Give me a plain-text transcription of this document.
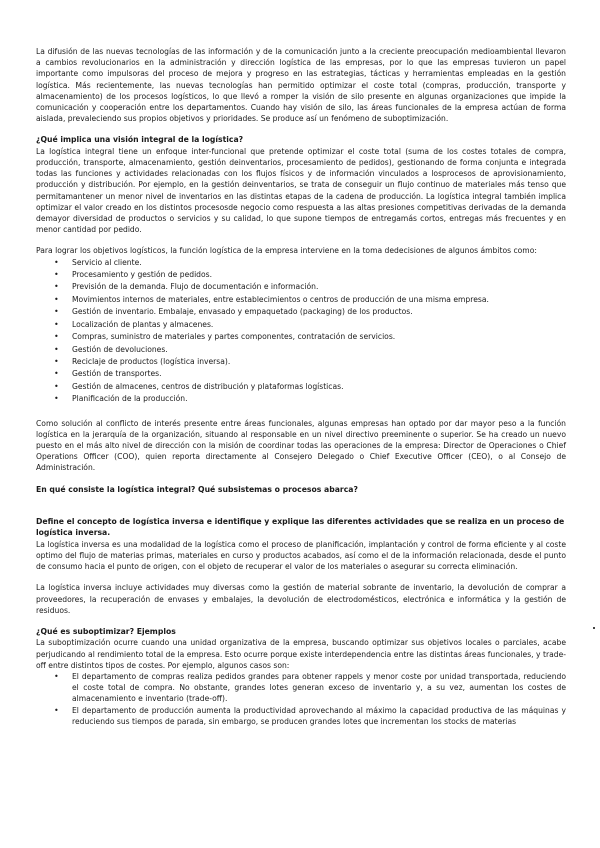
La difusión de las nuevas tecnologías de las información y de la comunicación junto a la creciente preocupación medioambiental llevaron a cambios revolucionarios en la administración y dirección logística de las empresas, por lo que las empresas tuvieron un papel importante como impulsoras del proceso de mejora y progreso en las estrategias, tácticas y herramientas empleadas en la gestión logística. Más recientemente, las nuevas tecnologías han permitido optimizar el coste total (compras, producción, transporte y almacenamiento) de los procesos logísticos, lo que llevó a romper la visión de silo presente en algunas organizaciones que impide la comunicación y cooperación entre los departamentos. Cuando hay visión de silo, las áreas funcionales de la empresa actúan de forma aislada, prevaleciendo sus propios objetivos y prioridades. Se produce así un fenómeno de suboptimización.

¿Qué implica una visión integral de la logística?

La logística integral tiene un enfoque inter-funcional que pretende optimizar el coste total (suma de los costes totales de compra, producción, transporte, almacenamiento, gestión deinventarios, procesamiento de pedidos), gestionando de forma conjunta e integrada todas las funciones y actividades relacionadas con los flujos físicos y de información vinculados a losprocesos de aprovisionamiento, producción y distribución. Por ejemplo, en la gestión deinventarios, se trata de conseguir un flujo continuo de materiales más tenso que permitamantener un menor nivel de inventarios en las distintas etapas de la cadena de producción. La logística integral también implica optimizar el valor creado en los distintos procesosde negocio como respuesta a las altas presiones competitivas derivadas de la demanda demayor diversidad de productos o servicios y su calidad, lo que supone tiempos de entregamás cortos, entregas más frecuentes y en menor cantidad por pedido.

Para lograr los objetivos logísticos, la función logística de la empresa interviene en la toma dedecisiones de algunos ámbitos como:

• Servicio al cliente.
• Procesamiento y gestión de pedidos.
• Previsión de la demanda. Flujo de documentación e información.
• Movimientos internos de materiales, entre establecimientos o centros de producción de una misma empresa.
• Gestión de inventario. Embalaje, envasado y empaquetado (packaging) de los productos.
• Localización de plantas y almacenes.
• Compras, suministro de materiales y partes componentes, contratación de servicios.
• Gestión de devoluciones.
• Reciclaje de productos (logística inversa).
• Gestión de transportes.
• Gestión de almacenes, centros de distribución y plataformas logísticas.
• Planificación de la producción.

Como solución al conflicto de interés presente entre áreas funcionales, algunas empresas han optado por dar mayor peso a la función logística en la jerarquía de la organización, situando al responsable en un nivel directivo preeminente o superior. Se ha creado un nuevo puesto en el más alto nivel de dirección con la misión de coordinar todas las operaciones de la empresa: Director de Operaciones o Chief Operations Officer (COO), quien reporta directamente al Consejero Delegado o Chief Executive Officer (CEO), o al Consejo de Administración.

En qué consiste la logística integral? Qué subsistemas o procesos abarca?
Define el concepto de logística inversa e identifique y explique las diferentes actividades que se realiza en un proceso de logística inversa.

La logística inversa es una modalidad de la logística como el proceso de planificación, implantación y control de forma eficiente y al coste optimo del flujo de materias primas, materiales en curso y productos acabados, así como el de la información relacionada, desde el punto de consumo hacia el punto de origen, con el objeto de recuperar el valor de los materiales o asegurar su correcta eliminación.

La logística inversa incluye actividades muy diversas como la gestión de material sobrante de inventario, la devolución de comprar a proveedores, la recuperación de envases y embalajes, la devolución de electrodomésticos, electrónica e informática y la gestión de residuos.

¿Qué es suboptimizar? Ejemplos

La suboptimización ocurre cuando una unidad organizativa de la empresa, buscando optimizar sus objetivos locales o parciales, acabe perjudicando al rendimiento total de la empresa. Esto ocurre porque existe interdependencia entre las distintas áreas funcionales, y trade-off entre distintos tipos de costes. Por ejemplo, algunos casos son:

• El departamento de compras realiza pedidos grandes para obtener rappels y menor coste por unidad transportada, reduciendo el coste total de compra. No obstante, grandes lotes generan exceso de inventario y, a su vez, aumentan los costes de almacenamiento e inventario (trade-off).
• El departamento de producción aumenta la productividad aprovechando al máximo la capacidad productiva de las máquinas y reduciendo sus tiempos de parada, sin embargo, se producen grandes lotes que incrementan los stocks de materias
